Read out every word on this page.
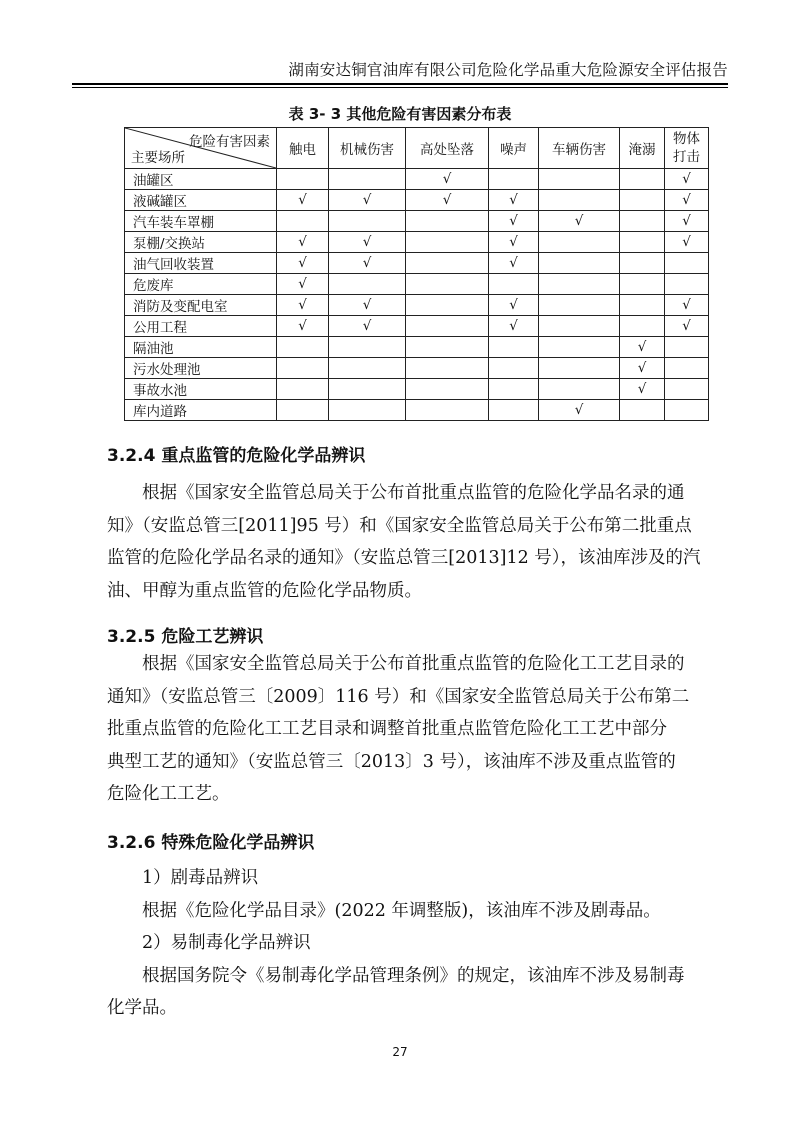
湖南安达铜官油库有限公司危险化学品重大危险源安全评估报告
表 3- 3 其他危险有害因素分布表
危险有害因素
主要场所	触电	机械伤害	高处坠落	噪声	车辆伤害	淹溺	物体
打击

油罐区			√				√
液碱罐区	√	√	√	√			√
汽车装车罩棚				√	√		√
泵棚/交换站	√	√		√			√
油气回收装置	√	√		√			
危废库	√						
消防及变配电室	√	√		√			√
公用工程	√	√		√			√
隔油池						√	
污水处理池						√	
事故水池						√	
库内道路					√		
3.2.4 重点监管的危险化学品辨识
根据《国家安全监管总局关于公布首批重点监管的危险化学品名录的通
知》（安监总管三[2011]95 号）和《国家安全监管总局关于公布第二批重点
监管的危险化学品名录的通知》（安监总管三[2013]12 号），该油库涉及的汽
油、甲醇为重点监管的危险化学品物质。
3.2.5 危险工艺辨识
根据《国家安全监管总局关于公布首批重点监管的危险化工工艺目录的
通知》（安监总管三〔2009〕116 号）和《国家安全监管总局关于公布第二
批重点监管的危险化工工艺目录和调整首批重点监管危险化工工艺中部分
典型工艺的通知》（安监总管三〔2013〕3 号），该油库不涉及重点监管的
危险化工工艺。
3.2.6 特殊危险化学品辨识
1）剧毒品辨识
根据《危险化学品目录》(2022 年调整版)，该油库不涉及剧毒品。
2）易制毒化学品辨识
根据国务院令《易制毒化学品管理条例》的规定，该油库不涉及易制毒
化学品。
27
